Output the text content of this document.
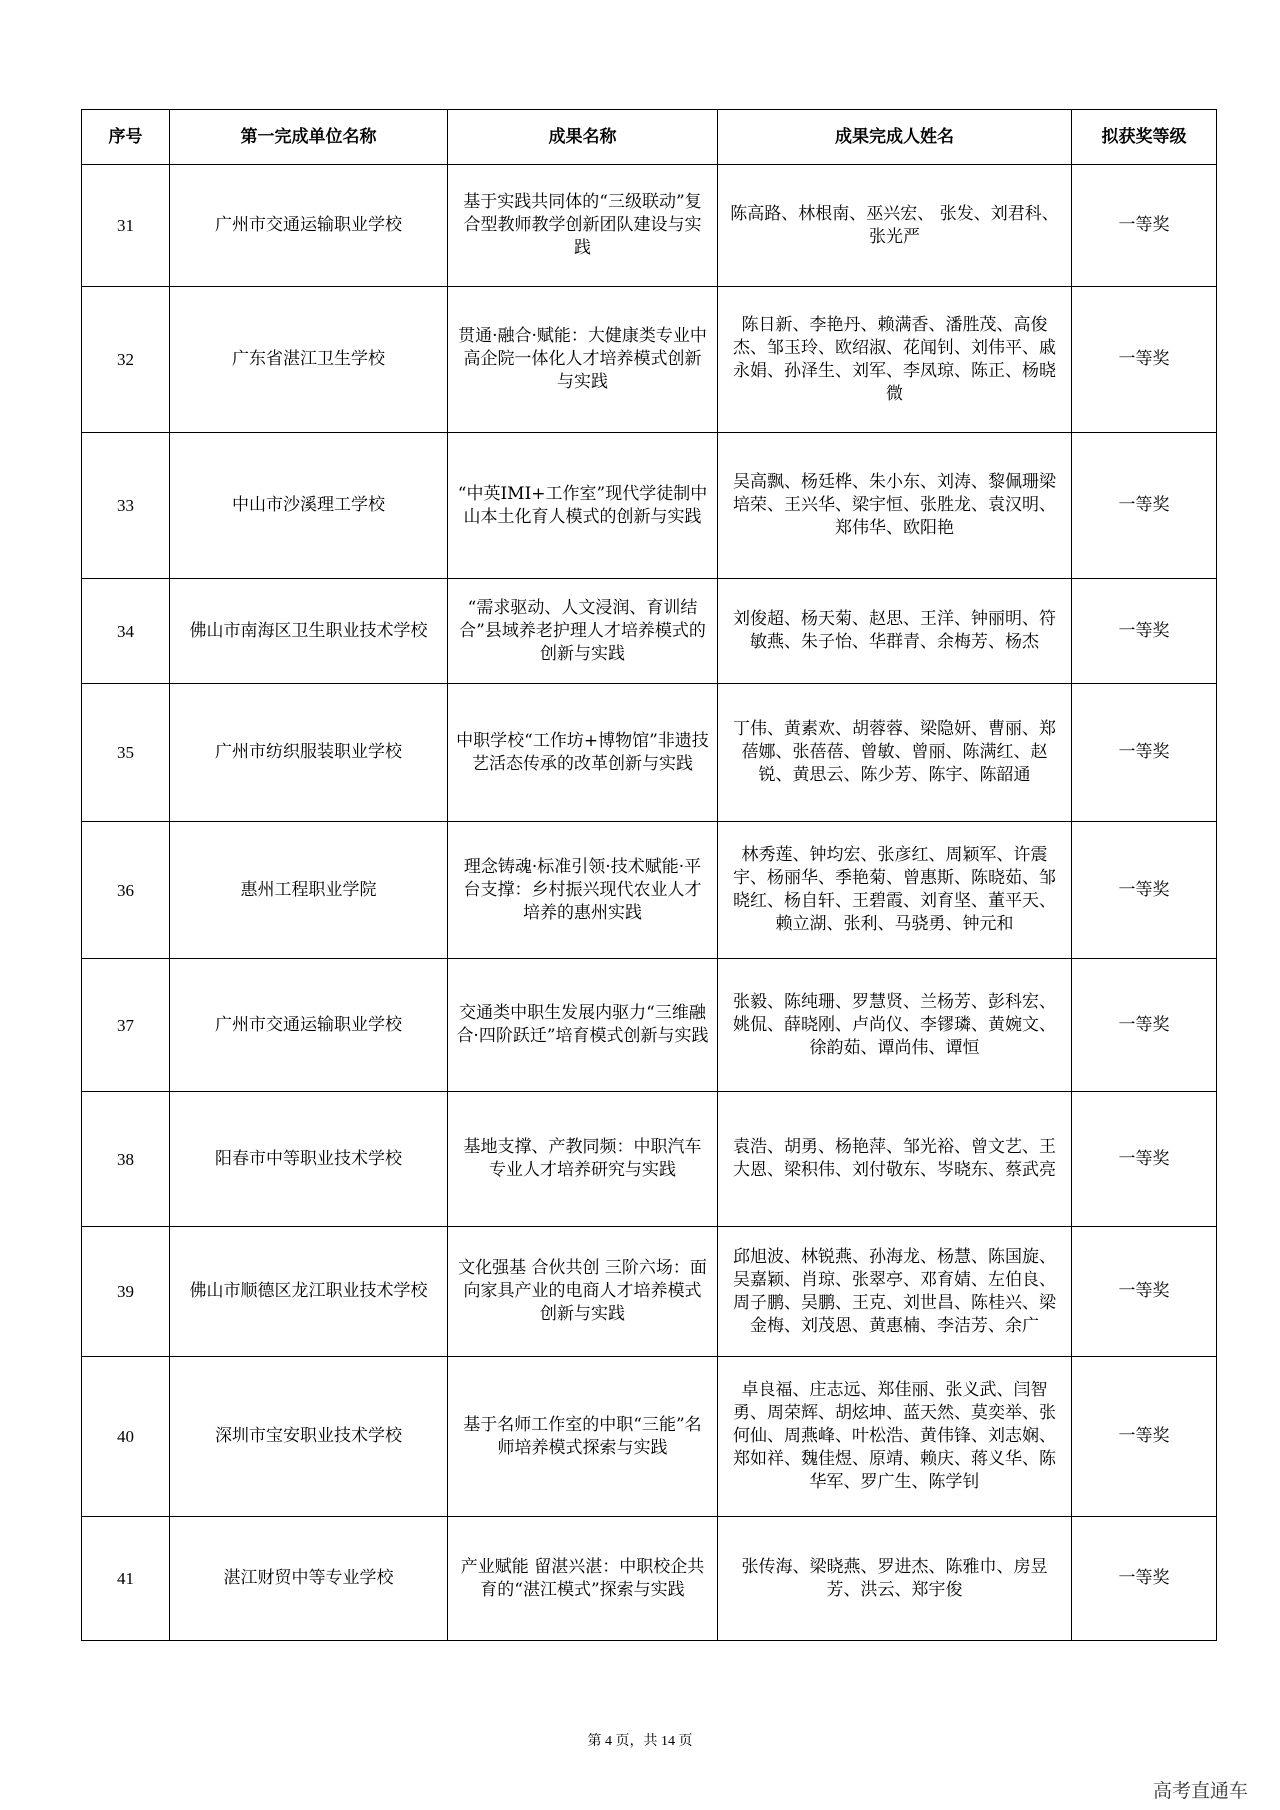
序号	第一完成单位名称	成果名称	成果完成人姓名	拟获奖等级
31	广州市交通运输职业学校	基于实践共同体的“三级联动”复合型教师教学创新团队建设与实践	陈高路、林根南、巫兴宏、 张发、刘君科、张光严	一等奖
32	广东省湛江卫生学校	贯通·融合·赋能：大健康类专业中高企院一体化人才培养模式创新与实践	陈日新、李艳丹、赖满香、潘胜茂、高俊杰、邹玉玲、欧绍淑、花闻钊、刘伟平、戚永娟、孙泽生、刘军、李凤琼、陈正、杨晓微	一等奖
33	中山市沙溪理工学校	“中英IMI+工作室”现代学徒制中山本土化育人模式的创新与实践	吴高飘、杨廷桦、朱小东、刘涛、黎佩珊梁培荣、王兴华、梁宇恒、张胜龙、袁汉明、郑伟华、欧阳艳	一等奖
34	佛山市南海区卫生职业技术学校	“需求驱动、人文浸润、育训结合”县域养老护理人才培养模式的创新与实践	刘俊超、杨天菊、赵思、王洋、钟丽明、符敏燕、朱子怡、华群青、余梅芳、杨杰	一等奖
35	广州市纺织服装职业学校	中职学校“工作坊+博物馆”非遗技艺活态传承的改革创新与实践	丁伟、黄素欢、胡蓉蓉、梁隐妍、曹丽、郑蓓娜、张蓓蓓、曾敏、曾丽、陈满红、赵锐、黄思云、陈少芳、陈宇、陈韶通	一等奖
36	惠州工程职业学院	理念铸魂·标准引领·技术赋能·平台支撑：乡村振兴现代农业人才培养的惠州实践	林秀莲、钟均宏、张彦红、周颖军、许震宇、杨丽华、季艳菊、曾惠斯、陈晓茹、邹晓红、杨自轩、王碧霞、刘育坚、董平天、赖立湖、张利、马骁勇、钟元和	一等奖
37	广州市交通运输职业学校	交通类中职生发展内驱力“三维融合·四阶跃迁”培育模式创新与实践	张毅、陈纯珊、罗慧贤、兰杨芳、彭科宏、姚侃、薛晓刚、卢尚仪、李镠璘、黄婉文、徐韵茹、谭尚伟、谭恒	一等奖
38	阳春市中等职业技术学校	基地支撑、产教同频：中职汽车专业人才培养研究与实践	袁浩、胡勇、杨艳萍、邹光裕、曾文艺、王大恩、梁积伟、刘付敬东、岑晓东、蔡武亮	一等奖
39	佛山市顺德区龙江职业技术学校	文化强基 合伙共创 三阶六场：面向家具产业的电商人才培养模式创新与实践	邱旭波、林锐燕、孙海龙、杨慧、陈国旋、吴嘉颖、肖琼、张翠亭、邓育婧、左伯良、周子鹏、吴鹏、王克、刘世昌、陈桂兴、梁金梅、刘茂恩、黄惠楠、李洁芳、余广	一等奖
40	深圳市宝安职业技术学校	基于名师工作室的中职“三能”名师培养模式探索与实践	卓良福、庄志远、郑佳丽、张义武、闫智勇、周荣辉、胡炫坤、蓝天然、莫奕举、张何仙、周燕峰、叶松浩、黄伟锋、刘志娴、郑如祥、魏佳煜、原靖、赖庆、蒋义华、陈华军、罗广生、陈学钊	一等奖
41	湛江财贸中等专业学校	产业赋能 留湛兴湛：中职校企共育的“湛江模式”探索与实践	张传海、梁晓燕、罗进杰、陈雅巾、房昱芳、洪云、郑宇俊	一等奖
第 4 页，共 14 页
高考直通车
